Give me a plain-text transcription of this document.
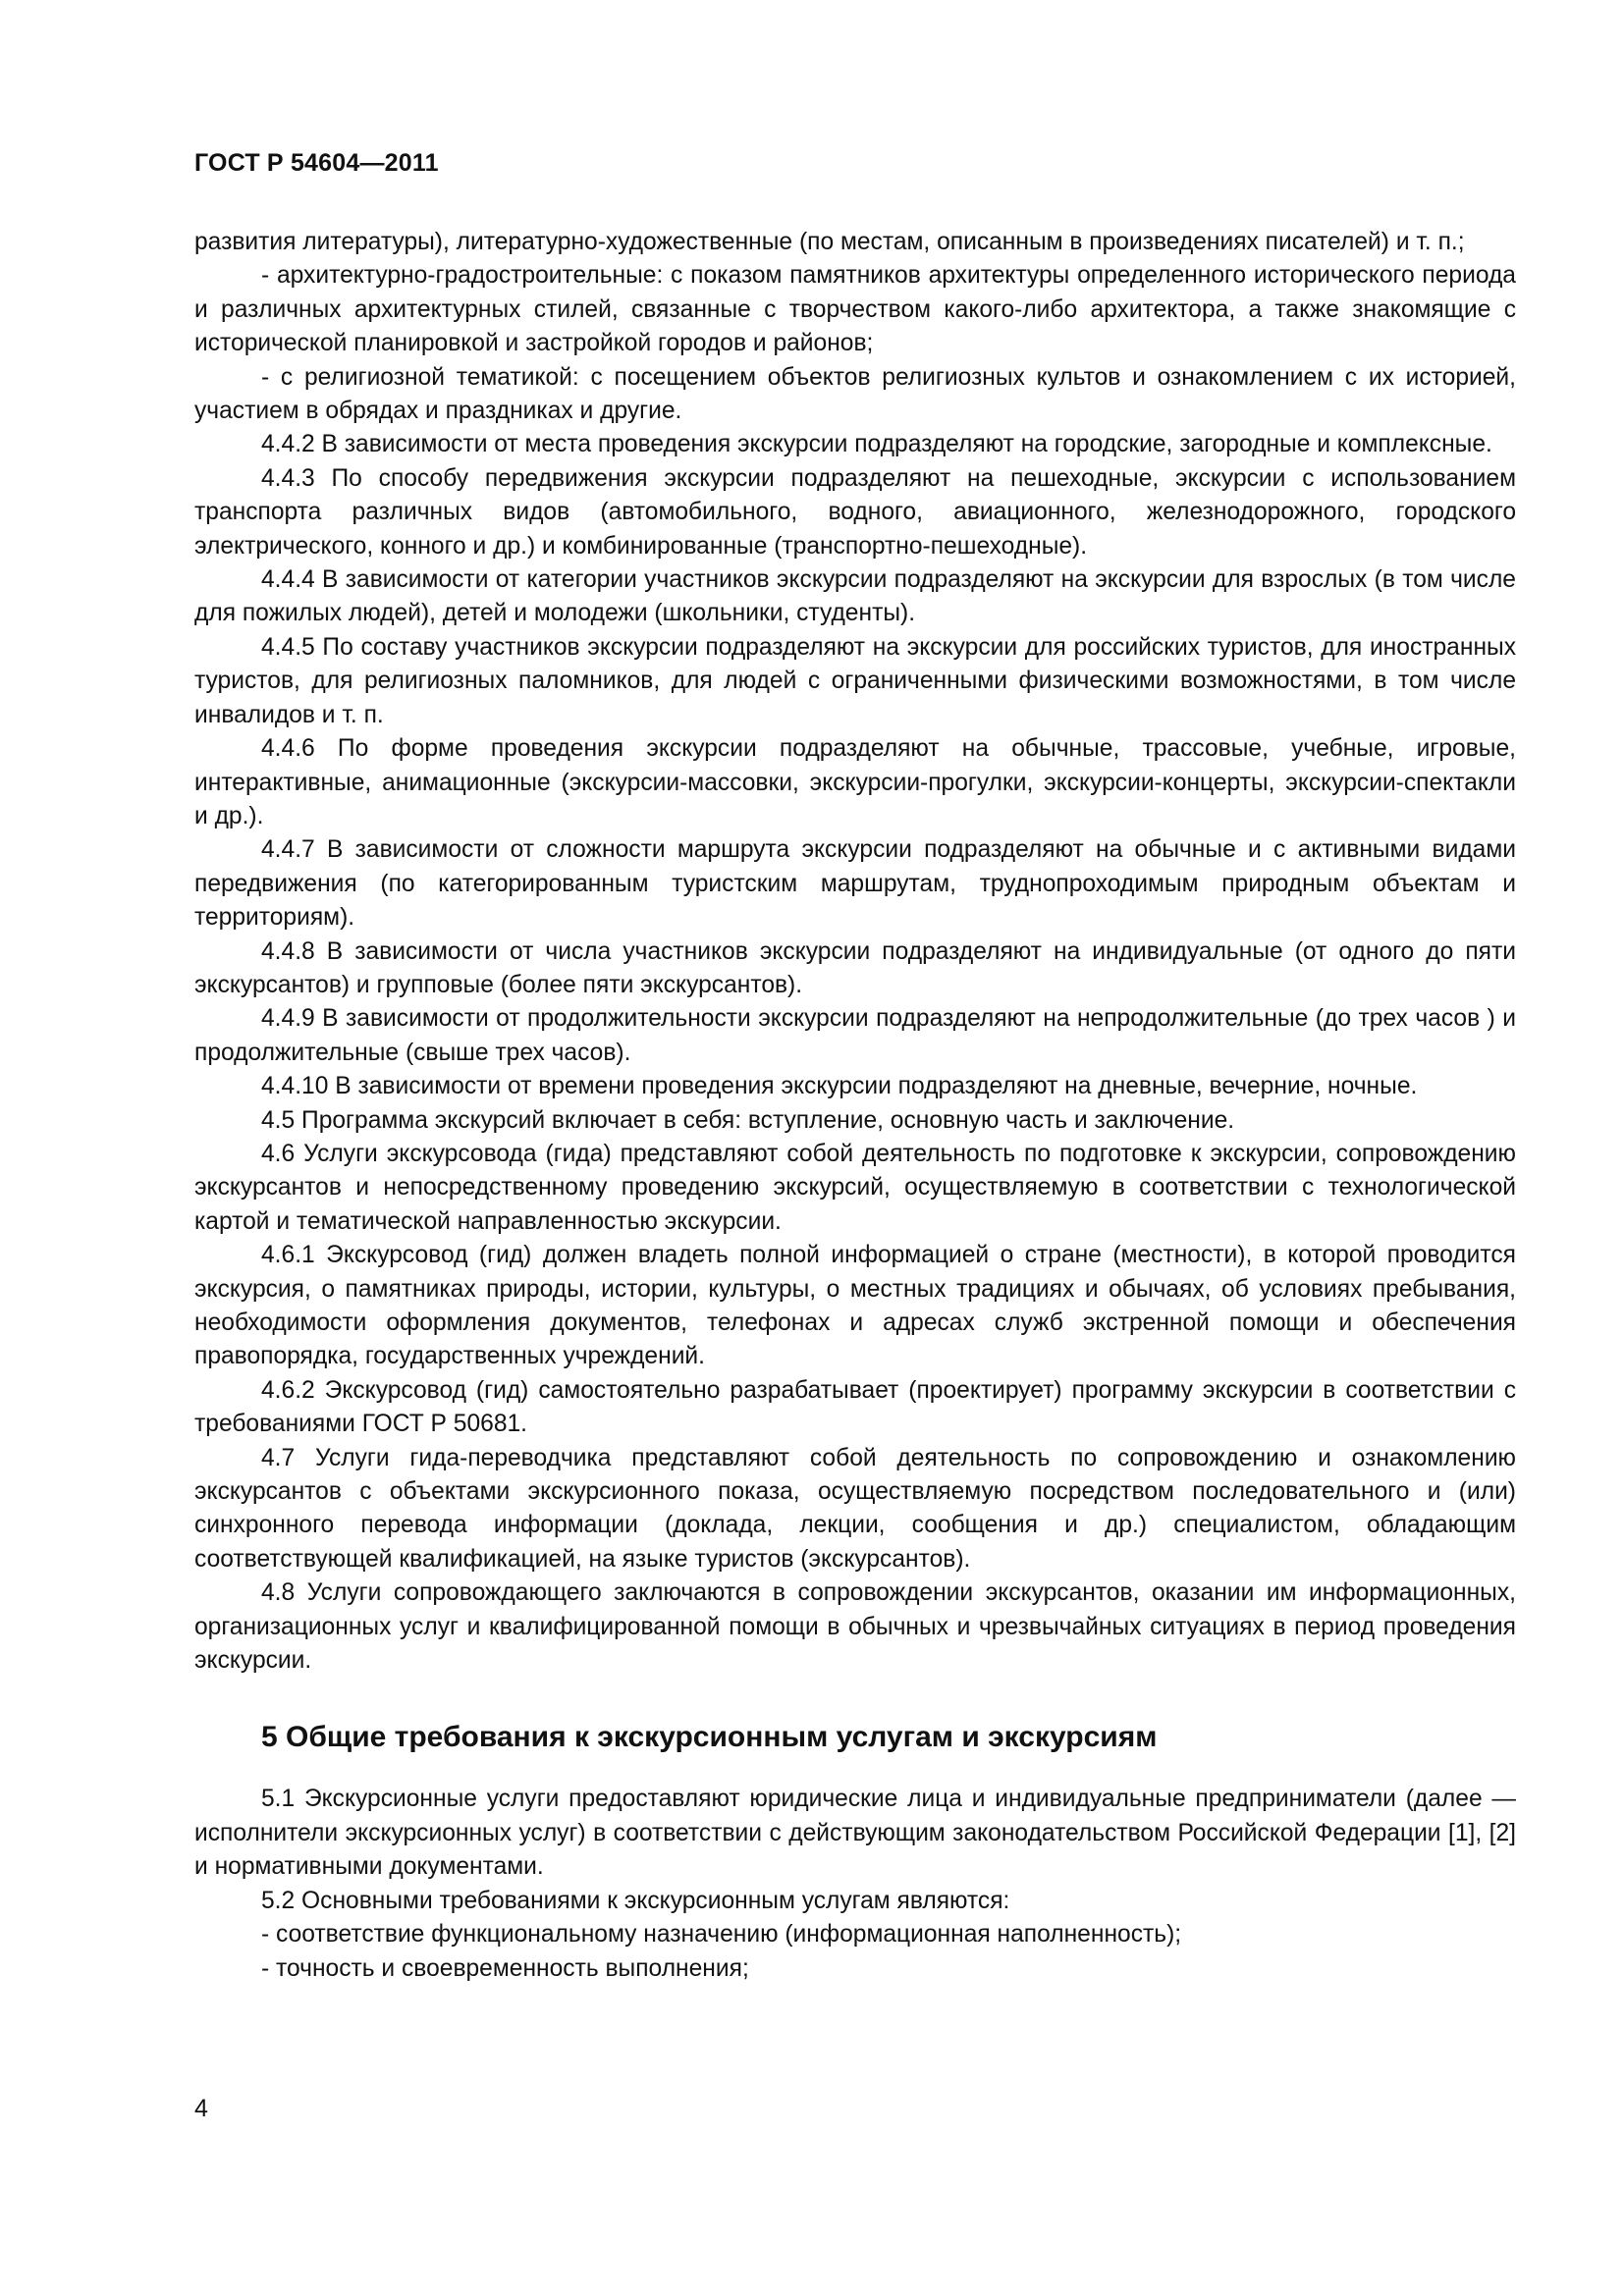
ГОСТ Р 54604—2011

развития литературы), литературно-художественные (по местам, описанным в произведениях писателей) и т. п.;

- архитектурно-градостроительные: с показом памятников архитектуры определенного исторического периода и различных архитектурных стилей, связанные с творчеством какого-либо архитектора, а также знакомящие с исторической планировкой и застройкой городов и районов;

- с религиозной тематикой: с посещением объектов религиозных культов и ознакомлением с их историей, участием в обрядах и праздниках и другие.

4.4.2 В зависимости от места проведения экскурсии подразделяют на городские, загородные и комплексные.

4.4.3 По способу передвижения экскурсии подразделяют на пешеходные, экскурсии с использованием транспорта различных видов (автомобильного, водного, авиационного, железнодорожного, городского электрического, конного и др.) и комбинированные (транспортно-пешеходные).

4.4.4 В зависимости от категории участников экскурсии подразделяют на экскурсии для взрослых (в том числе для пожилых людей), детей и молодежи (школьники, студенты).

4.4.5 По составу участников экскурсии подразделяют на экскурсии для российских туристов, для иностранных туристов, для религиозных паломников, для людей с ограниченными физическими возможностями, в том числе инвалидов и т. п.

4.4.6 По форме проведения экскурсии подразделяют на обычные, трассовые, учебные, игровые, интерактивные, анимационные (экскурсии-массовки, экскурсии-прогулки, экскурсии-концерты, экскурсии-спектакли и др.).

4.4.7 В зависимости от сложности маршрута экскурсии подразделяют на обычные и с активными видами передвижения (по категорированным туристским маршрутам, труднопроходимым природным объектам и территориям).

4.4.8 В зависимости от числа участников экскурсии подразделяют на индивидуальные (от одного до пяти экскурсантов) и групповые (более пяти экскурсантов).

4.4.9 В зависимости от продолжительности экскурсии подразделяют на непродолжительные (до трех часов ) и продолжительные (свыше трех часов).

4.4.10 В зависимости от времени проведения экскурсии подразделяют на дневные, вечерние, ночные.

4.5 Программа экскурсий включает в себя: вступление, основную часть и заключение.

4.6 Услуги экскурсовода (гида) представляют собой деятельность по подготовке к экскурсии, сопровождению экскурсантов и непосредственному проведению экскурсий, осуществляемую в соответствии с технологической картой и тематической направленностью экскурсии.

4.6.1 Экскурсовод (гид) должен владеть полной информацией о стране (местности), в которой проводится экскурсия, о памятниках природы, истории, культуры, о местных традициях и обычаях, об условиях пребывания, необходимости оформления документов, телефонах и адресах служб экстренной помощи и обеспечения правопорядка, государственных учреждений.

4.6.2 Экскурсовод (гид) самостоятельно разрабатывает (проектирует) программу экскурсии в соответствии с требованиями ГОСТ Р 50681.

4.7 Услуги гида-переводчика представляют собой деятельность по сопровождению и ознакомлению экскурсантов с объектами экскурсионного показа, осуществляемую посредством последовательного и (или) синхронного перевода информации (доклада, лекции, сообщения и др.) специалистом, обладающим соответствующей квалификацией, на языке туристов (экскурсантов).

4.8 Услуги сопровождающего заключаются в сопровождении экскурсантов, оказании им информационных, организационных услуг и квалифицированной помощи в обычных и чрезвычайных ситуациях в период проведения экскурсии.

5 Общие требования к экскурсионным услугам и экскурсиям

5.1 Экскурсионные услуги предоставляют юридические лица и индивидуальные предприниматели (далее — исполнители экскурсионных услуг) в соответствии с действующим законодательством Российской Федерации [1], [2] и нормативными документами.

5.2 Основными требованиями к экскурсионным услугам являются:

- соответствие функциональному назначению (информационная наполненность);

- точность и своевременность выполнения;

4
